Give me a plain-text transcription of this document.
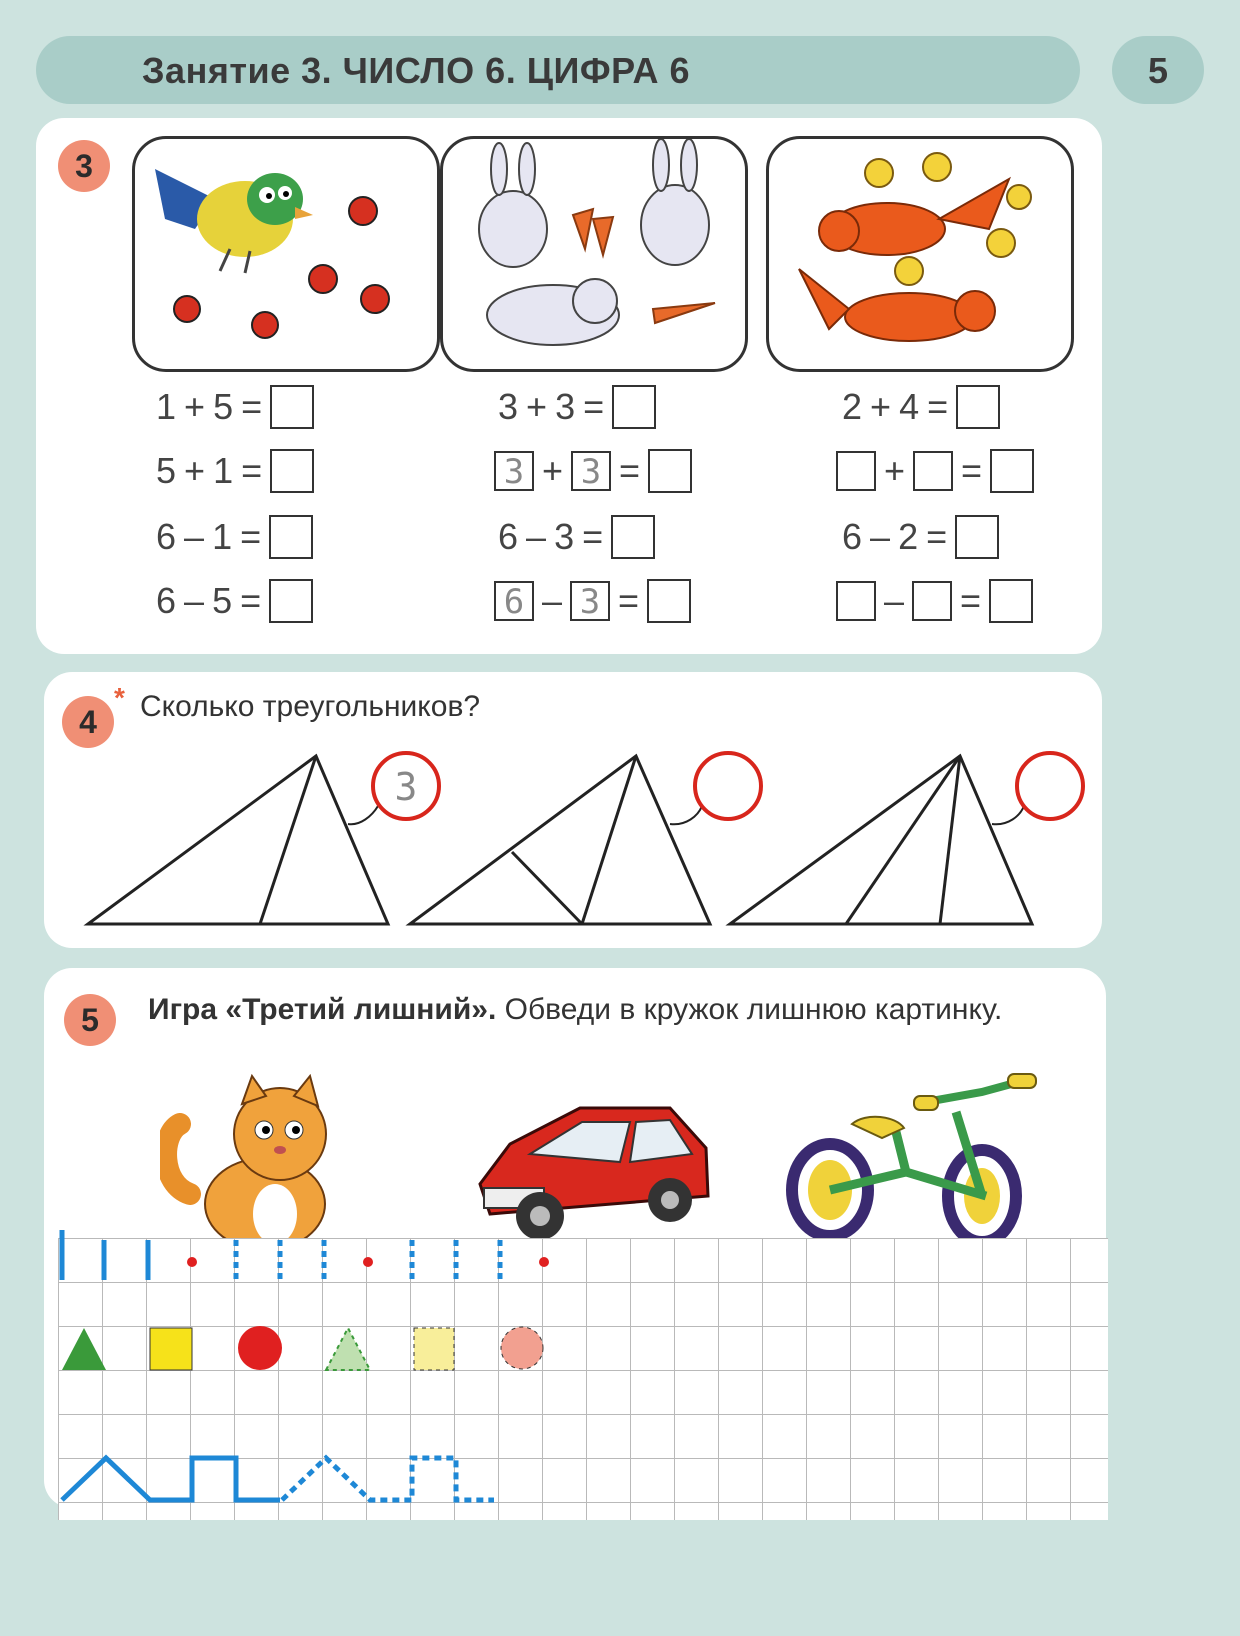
Занятие 3. ЧИСЛО 6. ЦИФРА 6	5
3
1 + 5 =
5 + 1 =
6 – 1 =
6 – 5 =
3 + 3 =
3 + 3 =
6 – 3 =
6 – 3 =
2 + 4 =
+ =
6 – 2 =
– =
4
* Сколько треугольников?
3
5	Игра «Третий лишний». Обведи в кружок лишнюю картинку.
